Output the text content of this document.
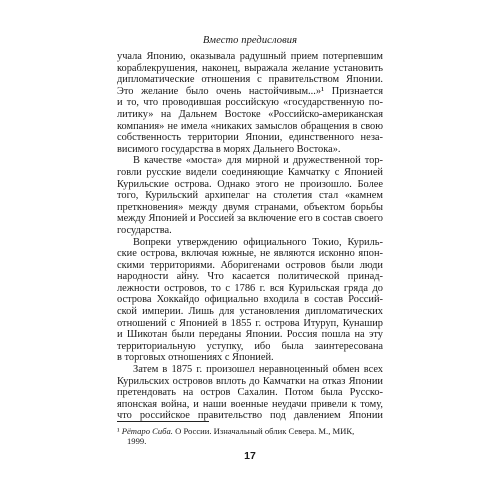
Вместо предисловия
учала Японию, оказывала радушный прием потерпевшим
кораблекрушения, наконец, выражала желание установить
дипломатические отношения с правительством Японии.
Это желание было очень настойчивым...»¹ Признается
и то, что проводившая российскую «государственную по-
литику» на Дальнем Востоке «Российско-американская
компания» не имела «никаких замыслов обращения в свою
собственность территории Японии, единственного неза-
висимого государства в морях Дальнего Востока».
В качестве «моста» для мирной и дружественной тор-
говли русские видели соединяющие Камчатку с Японией
Курильские острова. Однако этого не произошло. Более
того, Курильский архипелаг на столетия стал «камнем
преткновения» между двумя странами, объектом борьбы
между Японией и Россией за включение его в состав своего
государства.
Вопреки утверждению официального Токио, Куриль-
ские острова, включая южные, не являются исконно япон-
скими территориями. Аборигенами островов были люди
народности айну. Что касается политической принад-
лежности островов, то с 1786 г. вся Курильская гряда до
острова Хоккайдо официально входила в состав Россий-
ской империи. Лишь для установления дипломатических
отношений с Японией в 1855 г. острова Итуруп, Кунашир
и Шикотан были переданы Японии. Россия пошла на эту
территориальную уступку, ибо была заинтересована
в торговых отношениях с Японией.
Затем в 1875 г. произошел неравноценный обмен всех
Курильских островов вплоть до Камчатки на отказ Японии
претендовать на остров Сахалин. Потом была Русско-
японская война, и наши военные неудачи привели к тому,
что российское правительство под давлением Японии
¹ Рётаро Сиба. О России. Изначальный облик Севера. М., МИК,
1999.
17
